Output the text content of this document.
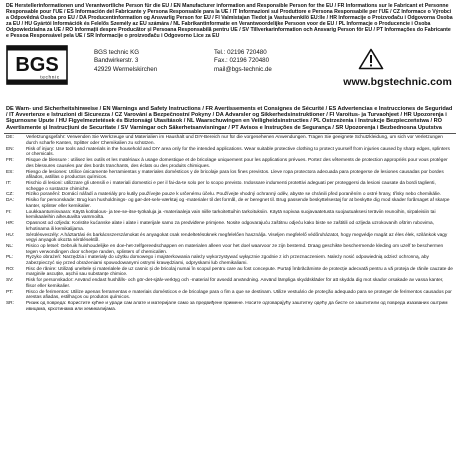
DE Herstellerinformationen und Verantwortliche Person für die EU / EN Manufacturer information and Responsible Person for the EU / FR Informations sur le Fabricant et Personne Responsable pour l'UE / ES Información del Fabricante y Persona Responsable para la UE / IT Informazioni sul Produttore e Persona Responsabile per l'UE / CZ Informace o Výrobci a Odpovědná Osoba pro EU / DA Producentinformation og Ansvarlig Person for EU / FI Valmistajan Tiedot ja Vastuuhenkilö EU:lle / HR Informacije o Proizvođaču i Odgovorna Osoba za EU / HU Gyártói Információk és Felelős Személy az EU számára / NL Fabrikantinformatie en Verantwoordelijke Persoon voor de EU / PL Informacje o Producencie i Osoba Odpowiedzialna za UE / RO Informații despre Producător și Persoana Responsabilă pentru UE / SV Tillverkarinformation och Ansvarig Person för EU / PT Informações do Fabricante e Pessoa Responsável pela UE / SR Informacije o proizvođaču i Odgovorno Lice za EU
BGS
technic
BGS technic KG
Bandwirkerstr. 3
42929 Wermelskirchen
Tel.: 02196 720480
Fax.: 02196 720480
mail@bgs-technic.de
www.bgstechnic.com
DE Warn- und Sicherheitshinweise / EN Warnings and Safety Instructions / FR Avertissements et Consignes de Sécurité / ES Advertencias e Instrucciones de Seguridad / IT Avvertenze e Istruzioni di Sicurezza / CZ Varování a Bezpečnostní Pokyny / DA Advarsler og Sikkerhedsinstruktioner / FI Varoitus- ja Turvaohjeet / HR Upozorenja i Sigurnosne Upute / HU Figyelmeztetések és Biztonsági Utasítások / NL Waarschuwingen en Veiligheidsinstructies / PL Ostrzeżenia i Instrukcje Bezpieczeństwa / RO Avertismente și Instrucțiuni de Securitate / SV Varningar och Säkerhetsanvisningar / PT Avisos e Instruções de Segurança / SR Upozorenja i Bezbednosna Uputstva
DE:	Verletzungsgefahr: Verwenden Sie Werkzeuge und Materialien im Haushalt und DIY-Bereich nur für die vorgesehenen Anwendungen. Tragen Sie geeignete Schutzkleidung, um sich vor Verletzungen durch scharfe Kanten, Splitter oder Chemikalien zu schützen.
EN:	Risk of injury: Use tools and materials in the household and DIY area only for the intended applications. Wear suitable protective clothing to protect yourself from injuries caused by sharp edges, splinters or chemicals.
FR:	Risque de blessure : utilisez les outils et les matériaux à usage domestique et de bricolage uniquement pour les applications prévues. Portez des vêtements de protection appropriés pour vous protéger des blessures causées par des bords tranchants, des éclats ou des produits chimiques.
ES:	Riesgo de lesiones: Utilice únicamente herramientas y materiales domésticos y de bricolaje para los fines previstos. Lleve ropa protectora adecuada para protegerse de lesiones causadas por bordes afilados, astillas o productos químicos.
IT:	Rischio di lesioni: utilizzare gli utensili e i materiali domestici e per il fai-da-te solo per lo scopo previsto. Indossare indumenti protettivi adeguati per proteggersi da lesioni causate da bordi taglienti, schegge o sostanze chimiche.
CZ:	Riziko poranění: Domácí nářadí a materiály pro kutily používejte pouze k určenému účelu. Používejte vhodný ochranný oděv, abyste se chránili před poraněním o ostré hrany, třísky nebo chemikálie.
DA:	Risiko for personskade: Brug kun husholdnings- og gør-det-selv-værktøj og -materialer til det formål, de er beregnet til. Brug passende beskyttelsestøj for at beskytte dig mod skader forårsaget af skarpe kanter, splinter eller kemikalier.
FI:	Loukkaantumisvaara: Käytä kotitalous- ja tee-se-itse-työkaluja ja -materiaaleja vain niille tarkoitettuihin tarkoituksiin. Käytä sopivaa suojavaatetusta suojautuaksesi teräviin reunoihin, sirpaleisiin tai kemikaaleihin aiheutuvilta vammoilta.
HR:	Opasnost od ozljeda: Koristite kućanske alate i alate i materijale samo za predviđene primjene. Nosite odgovarajuću zaštitnu odjeću kako biste se zaštitili od ozljeda uzrokovanih oštrim rubovima, krhotinama ili kemikalijama.
HU:	Sérülésveszély: A háztartási és barkácsszerszámokat és anyagokat csak rendeltetésüknek megfelelően használja. Viseljen megfelelő védőruházatot, hogy megvédje magát az éles élek, szilánkok vagy vegyi anyagok okozta sérülésektől.
NL:	Risico op letsel: Gebruik huishoudelijke en doe-het-zelfgereedschappen en materialen alleen voor het doel waarvoor ze zijn bestemd. Draag geschikte beschermende kleding om uzelf te beschermen tegen verwondingen door scherpe randen, splinters of chemicaliën.
PL:	Ryzyko obrażeń: Narzędzia i materiały do użytku domowego i majsterkowania należy wykorzystywać wyłącznie zgodnie z ich przeznaczeniem. Należy nosić odpowiednią odzież ochronną, aby zabezpieczyć się przed obrażeniami spowodowanymi ostrymi krawędziami, odpryskami lub chemikaliami.
RO:	Risc de rănire: Utilizați uneltele și materialele de uz casnic și de bricolaj numai în scopul pentru care au fost concepute. Purtați îmbrăcăminte de protecție adecvată pentru a vă proteja de rănile cauzate de marginile ascuțite, așchii sau substanțe chimice.
SV:	Risk for personskador: Använd endast hushålls- och gör-det-själv-verktyg och -material för avsedd användning. Använd lämpliga skyddskläder för att skydda dig mot skador orsakade av vassa kanter, flisor eller kemikalier.
PT:	Risco de ferimentos: Utilize apenas ferramentas e materiais domésticos e de bricolage para o fim a que se destinam. Utilize vestuário de proteção adequado para se proteger de ferimentos causados por arestas afiadas, estilhaços ou produtos químicos.
SR:	Ризик од повреда: Користите кућне и уради сам алате и материјале само за предвиђене примене. Носите одговарајућу заштитну одећу да бисте се заштитили од повреда изазваних оштрим ивицама, крхотинама или хемикалијама.
